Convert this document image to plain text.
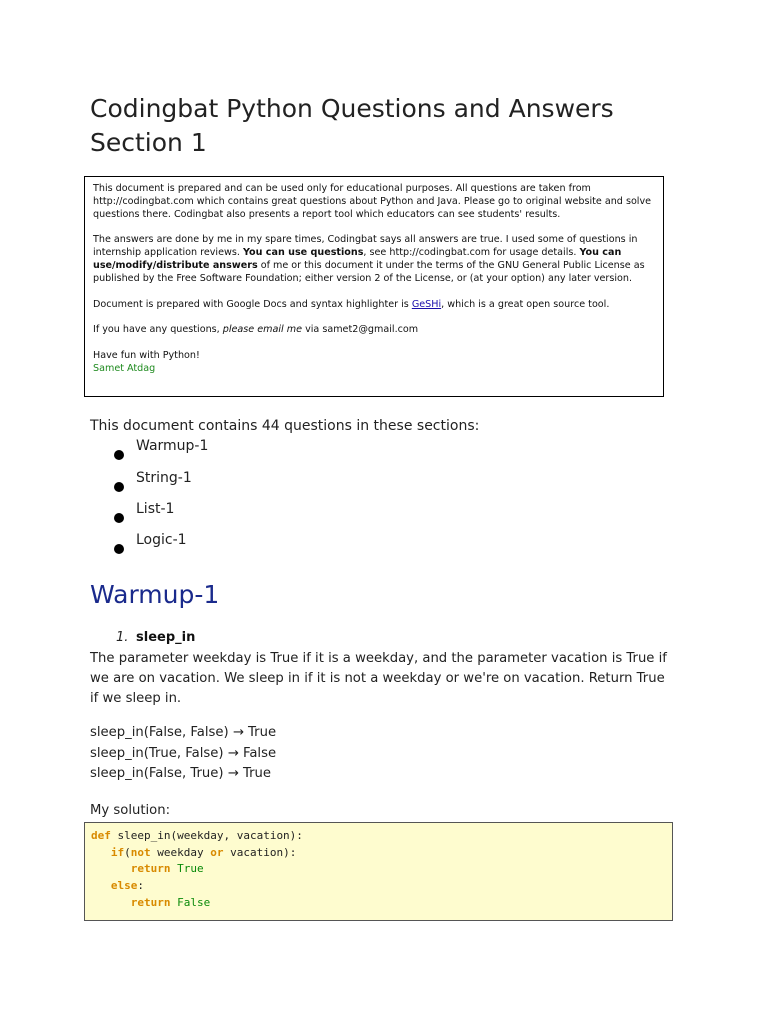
Codingbat Python Questions and Answers
Section 1

This document is prepared and can be used only for educational purposes. All questions are taken from http://codingbat.com which contains great questions about Python and Java. Please go to original website and solve questions there. Codingbat also presents a report tool which educators can see students' results.

The answers are done by me in my spare times, Codingbat says all answers are true. I used some of questions in internship application reviews. You can use questions, see http://codingbat.com for usage details. You can use/modify/distribute answers of me or this document it under the terms of the GNU General Public License as published by the Free Software Foundation; either version 2 of the License, or (at your option) any later version.

Document is prepared with Google Docs and syntax highlighter is GeSHi, which is a great open source tool.

If you have any questions, please email me via samet2@gmail.com

Have fun with Python!

Samet Atdag

This document contains 44 questions in these sections:
Warmup-1
String-1
List-1
Logic-1
Warmup-1
1. sleep_in
The parameter weekday is True if it is a weekday, and the parameter vacation is True if we are on vacation. We sleep in if it is not a weekday or we're on vacation. Return True if we sleep in.
sleep_in(False, False) → True
sleep_in(True, False) → False
sleep_in(False, True) → True
My solution:
def sleep_in(weekday, vacation):
if(not weekday or vacation):
return True
else:
return False
